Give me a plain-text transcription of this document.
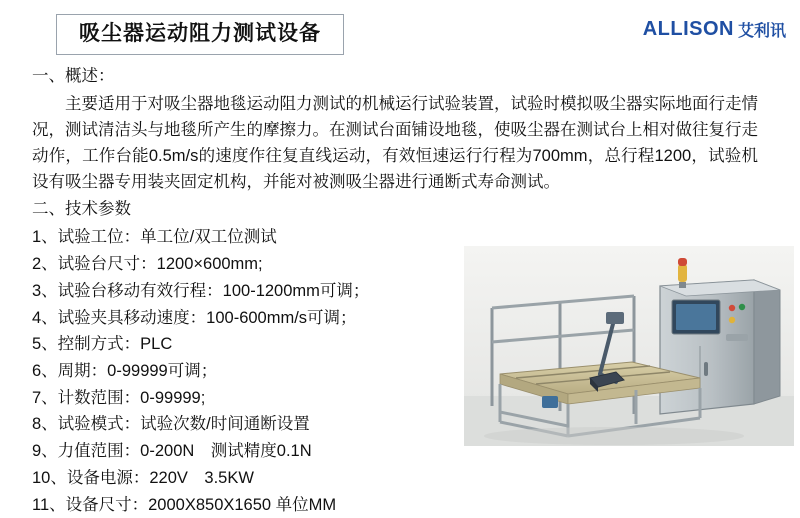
吸尘器运动阻力测试设备	ALLISON 艾利讯

一、概述：

主要适用于对吸尘器地毯运动阻力测试的机械运行试验装置，试验时模拟吸尘器实际地面行走情况，测试清洁头与地毯所产生的摩擦力。在测试台面铺设地毯，使吸尘器在测试台上相对做往复行走动作，工作台能0.5m/s的速度作往复直线运动，有效恒速运行行程为700mm，总行程1200，试验机设有吸尘器专用装夹固定机构，并能对被测吸尘器进行通断式寿命测试。

二、技术参数

1、试验工位：单工位/双工位测试
2、试验台尺寸：1200×600mm;
3、试验台移动有效行程：100-1200mm可调；
4、试验夹具移动速度：100-600mm/s可调；
5、控制方式：PLC
6、周期：0-99999可调；
7、计数范围：0-99999;
8、试验模式：试验次数/时间通断设置
9、力值范围：0-200N　测试精度0.1N
10、设备电源：220V　3.5KW
11、设备尺寸：2000X850X1650 单位MM
